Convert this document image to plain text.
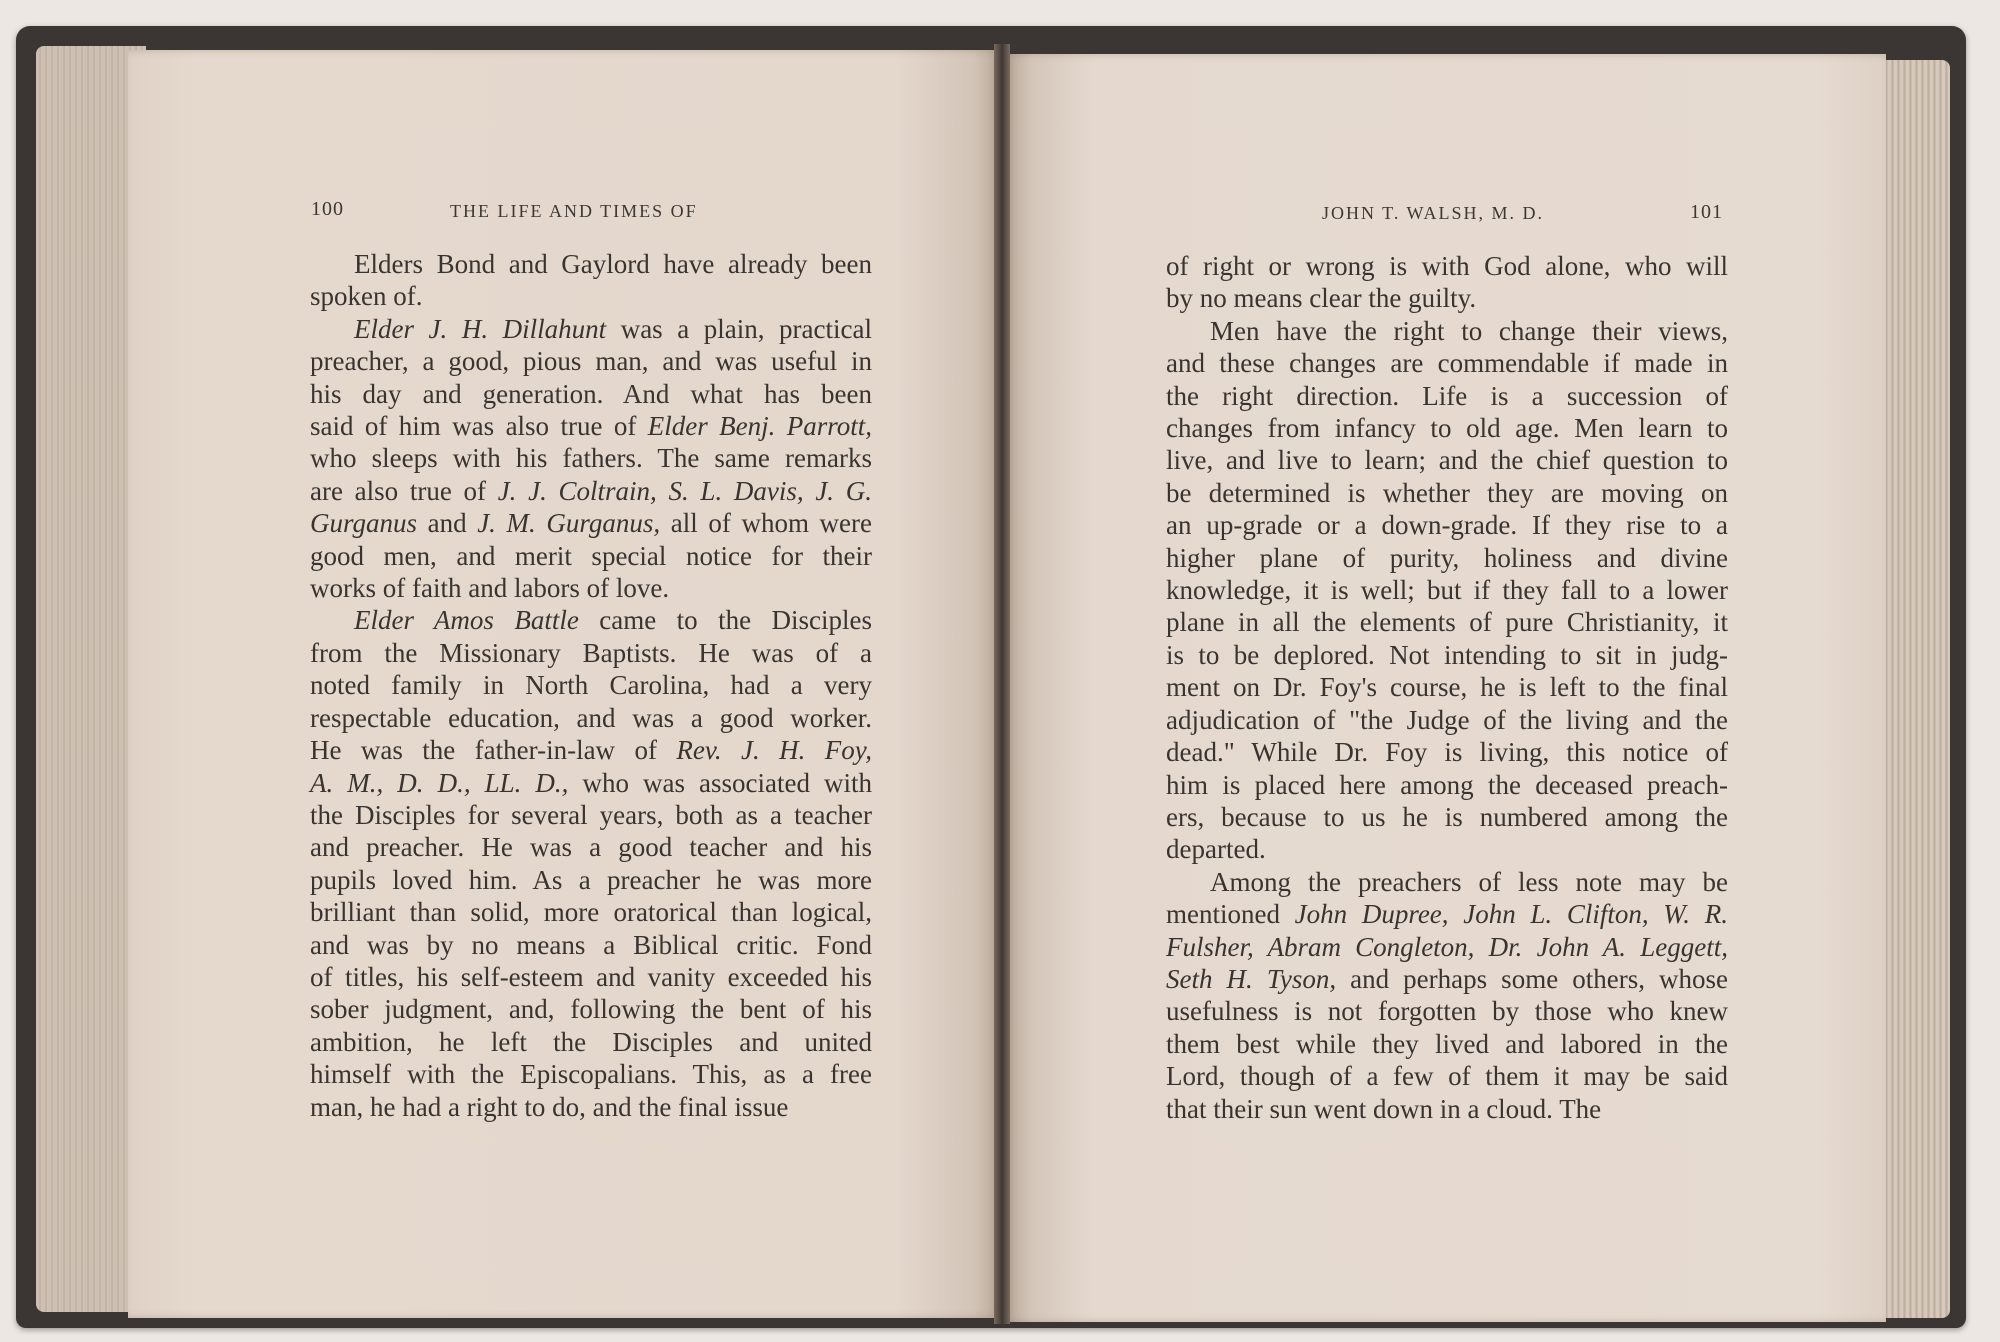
100	THE LIFE AND TIMES OF	JOHN T. WALSH, M. D.	101
Elders Bond and Gaylord have already been
spoken of.
Elder J. H. Dillahunt was a plain, practical
preacher, a good, pious man, and was useful in
his day and generation. And what has been
said of him was also true of Elder Benj. Parrott,
who sleeps with his fathers. The same remarks
are also true of J. J. Coltrain, S. L. Davis, J. G.
Gurganus and J. M. Gurganus, all of whom were
good men, and merit special notice for their
works of faith and labors of love.
Elder Amos Battle came to the Disciples
from the Missionary Baptists. He was of a
noted family in North Carolina, had a very
respectable education, and was a good worker.
He was the father-in-law of Rev. J. H. Foy,
A. M., D. D., LL. D., who was associated with
the Disciples for several years, both as a teacher
and preacher. He was a good teacher and his
pupils loved him. As a preacher he was more
brilliant than solid, more oratorical than logical,
and was by no means a Biblical critic. Fond
of titles, his self-esteem and vanity exceeded his
sober judgment, and, following the bent of his
ambition, he left the Disciples and united
himself with the Episcopalians. This, as a free
man, he had a right to do, and the final issue
of right or wrong is with God alone, who will
by no means clear the guilty.
Men have the right to change their views,
and these changes are commendable if made in
the right direction. Life is a succession of
changes from infancy to old age. Men learn to
live, and live to learn; and the chief question to
be determined is whether they are moving on
an up-grade or a down-grade. If they rise to a
higher plane of purity, holiness and divine
knowledge, it is well; but if they fall to a lower
plane in all the elements of pure Christianity, it
is to be deplored. Not intending to sit in judg-
ment on Dr. Foy's course, he is left to the final
adjudication of "the Judge of the living and the
dead." While Dr. Foy is living, this notice of
him is placed here among the deceased preach-
ers, because to us he is numbered among the
departed.
Among the preachers of less note may be
mentioned John Dupree, John L. Clifton, W. R.
Fulsher, Abram Congleton, Dr. John A. Leggett,
Seth H. Tyson, and perhaps some others, whose
usefulness is not forgotten by those who knew
them best while they lived and labored in the
Lord, though of a few of them it may be said
that their sun went down in a cloud. The
